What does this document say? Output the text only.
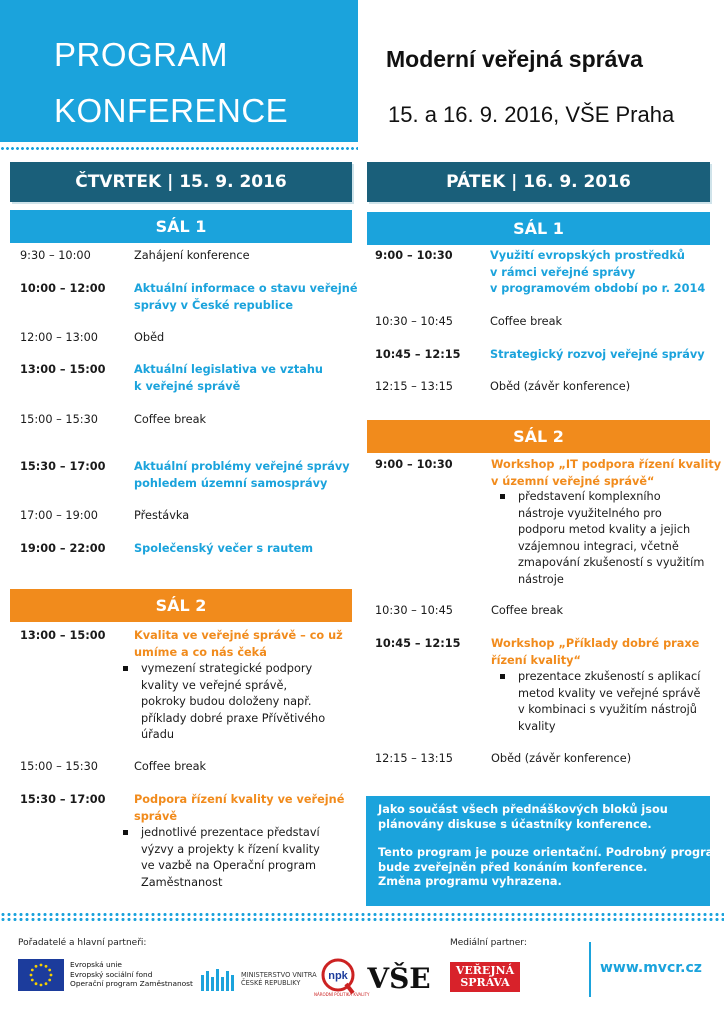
PROGRAM
KONFERENCE
Moderní veřejná správa
15. a 16. 9. 2016, VŠE Praha
ČTVRTEK | 15. 9. 2016	PÁTEK | 16. 9. 2016
SÁL 1
9:30 – 10:00	Zahájení konference
10:00 – 12:00	Aktuální informace o stavu veřejné
správy v České republice
12:00 – 13:00	Oběd
13:00 – 15:00	Aktuální legislativa ve vztahu
k veřejné správě
15:00 – 15:30	Coffee break
15:30 – 17:00	Aktuální problémy veřejné správy
pohledem územní samosprávy
17:00 – 19:00	Přestávka
19:00 – 22:00	Společenský večer s rautem
SÁL 2
13:00 – 15:00	Kvalita ve veřejné správě – co už
umíme a co nás čeká
vymezení strategické podpory
kvality ve veřejné správě,
pokroky budou doloženy např.
příklady dobré praxe Přívětivého
úřadu
15:00 – 15:30	Coffee break
15:30 – 17:00	Podpora řízení kvality ve veřejné
správě
jednotlivé prezentace představí
výzvy a projekty k řízení kvality
ve vazbě na Operační program
Zaměstnanost
SÁL 1
9:00 – 10:30	Využití evropských prostředků
v rámci veřejné správy
v programovém období po r. 2014
10:30 – 10:45	Coffee break
10:45 – 12:15	Strategický rozvoj veřejné správy
12:15 – 13:15	Oběd (závěr konference)
SÁL 2
9:00 – 10:30	Workshop „IT podpora řízení kvality
v územní veřejné správě“
představení komplexního
nástroje využitelného pro
podporu metod kvality a jejich
vzájemnou integraci, včetně
zmapování zkušeností s využitím
nástroje
10:30 – 10:45	Coffee break
10:45 – 12:15	Workshop „Příklady dobré praxe
řízení kvality“
prezentace zkušeností s aplikací
metod kvality ve veřejné správě
v kombinaci s využitím nástrojů
kvality
12:15 – 13:15	Oběd (závěr konference)

Jako součást všech přednáškových bloků jsou
plánovány diskuse s účastníky konference.

Tento program je pouze orientační. Podrobný program
bude zveřejněn před konáním konference.
Změna programu vyhrazena.

Pořadatelé a hlavní partneři:	Mediální partner:
Evropská unie
Evropský sociální fond
Operační program Zaměstnanost
MINISTERSTVO VNITRA
ČESKÉ REPUBLIKY
npk
NÁRODNÍ POLITIKA KVALITY
VŠE	VEŘEJNÁ
SPRÁVA
www.mvcr.cz
